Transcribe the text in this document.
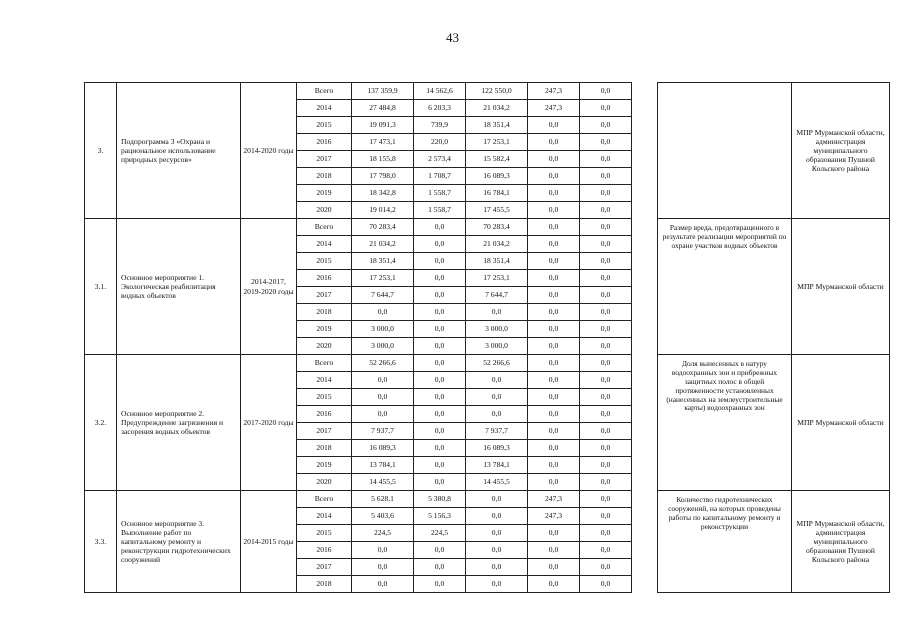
43
3.	Подпрограмма 3 «Охрана и рациональное использование природных ресурсов»	2014-2020 годы	Всего	137 359,9	14 562,6	122 550,0	247,3	0,0			МПР Мурманской области, администрация муниципального образования Пушной Кольского района
			2014	27 484,8	6 203,3	21 034,2	247,3	0,0			
			2015	19 091,3	739,9	18 351,4	0,0	0,0			
			2016	17 473,1	220,0	17 253,1	0,0	0,0			
			2017	18 155,8	2 573,4	15 582,4	0,0	0,0			
			2018	17 798,0	1 708,7	16 089,3	0,0	0,0			
			2019	18 342,8	1 558,7	16 784,1	0,0	0,0			
			2020	19 014,2	1 558,7	17 455,5	0,0	0,0			
3.1.	Основное мероприятие 1. Экологическая реабилитация водных объектов	2014-2017, 2019-2020 годы	Всего	70 283,4	0,0	70 283,4	0,0	0,0		Размер вреда, предотвращенного в результате реализации мероприятий по охране участков водных объектов	МПР Мурманской области
			2014	21 034,2	0,0	21 034,2	0,0	0,0			
			2015	18 351,4	0,0	18 351,4	0,0	0,0			
			2016	17 253,1	0,0	17 253,1	0,0	0,0			
			2017	7 644,7	0,0	7 644,7	0,0	0,0			
			2018	0,0	0,0	0,0	0,0	0,0			
			2019	3 000,0	0,0	3 000,0	0,0	0,0			
			2020	3 000,0	0,0	3 000,0	0,0	0,0			
3.2.	Основное мероприятие 2. Предупреждение загрязнения и засорения водных объектов	2017-2020 годы	Всего	52 266,6	0,0	52 266,6	0,0	0,0		Доля вынесенных в натуру водоохранных зон и прибрежных защитных полос в общей протяженности установленных (нанесенных на землеустроительные карты) водоохранных зон	МПР Мурманской области
			2014	0,0	0,0	0,0	0,0	0,0			
			2015	0,0	0,0	0,0	0,0	0,0			
			2016	0,0	0,0	0,0	0,0	0,0			
			2017	7 937,7	0,0	7 937,7	0,0	0,0			
			2018	16 089,3	0,0	16 089,3	0,0	0,0			
			2019	13 784,1	0,0	13 784,1	0,0	0,0			
			2020	14 455,5	0,0	14 455,5	0,0	0,0			
3.3.	Основное мероприятие 3. Выполнение работ по капитальному ремонту и реконструкции гидротехнических сооружений	2014-2015 годы	Всего	5 628,1	5 380,8	0,0	247,3	0,0		Количество гидротехнических сооружений, на которых проведены работы по капитальному ремонту и реконструкции	МПР Мурманской области, администрация муниципального образования Пушной Кольского района
			2014	5 403,6	5 156,3	0,0	247,3	0,0			
			2015	224,5	224,5	0,0	0,0	0,0			
			2016	0,0	0,0	0,0	0,0	0,0			
			2017	0,0	0,0	0,0	0,0	0,0			
			2018	0,0	0,0	0,0	0,0	0,0			
